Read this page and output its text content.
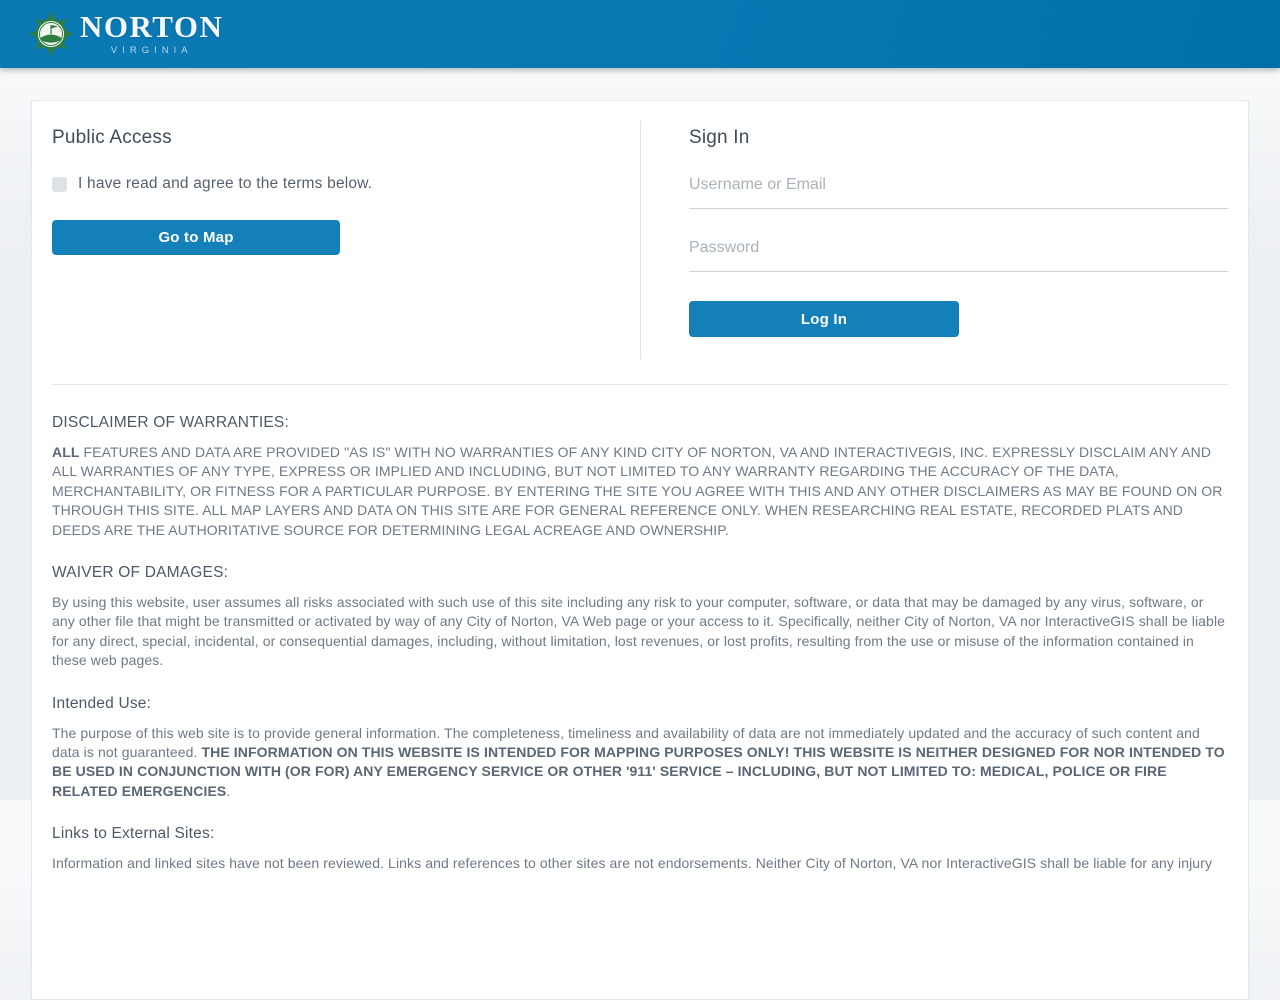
NORTON
VIRGINIA
Public Access
I have read and agree to the terms below.
Go to Map
Sign In
Username or Email
Log In
DISCLAIMER OF WARRANTIES:

ALL FEATURES AND DATA ARE PROVIDED "AS IS" WITH NO WARRANTIES OF ANY KIND CITY OF NORTON, VA AND INTERACTIVEGIS, INC. EXPRESSLY DISCLAIM ANY AND ALL WARRANTIES OF ANY TYPE, EXPRESS OR IMPLIED AND INCLUDING, BUT NOT LIMITED TO ANY WARRANTY REGARDING THE ACCURACY OF THE DATA, MERCHANTABILITY, OR FITNESS FOR A PARTICULAR PURPOSE. BY ENTERING THE SITE YOU AGREE WITH THIS AND ANY OTHER DISCLAIMERS AS MAY BE FOUND ON OR THROUGH THIS SITE. ALL MAP LAYERS AND DATA ON THIS SITE ARE FOR GENERAL REFERENCE ONLY. WHEN RESEARCHING REAL ESTATE, RECORDED PLATS AND DEEDS ARE THE AUTHORITATIVE SOURCE FOR DETERMINING LEGAL ACREAGE AND OWNERSHIP.

WAIVER OF DAMAGES:

By using this website, user assumes all risks associated with such use of this site including any risk to your computer, software, or data that may be damaged by any virus, software, or any other file that might be transmitted or activated by way of any City of Norton, VA Web page or your access to it. Specifically, neither City of Norton, VA nor InteractiveGIS shall be liable for any direct, special, incidental, or consequential damages, including, without limitation, lost revenues, or lost profits, resulting from the use or misuse of the information contained in these web pages.

Intended Use:

The purpose of this web site is to provide general information. The completeness, timeliness and availability of data are not immediately updated and the accuracy of such content and data is not guaranteed. THE INFORMATION ON THIS WEBSITE IS INTENDED FOR MAPPING PURPOSES ONLY! THIS WEBSITE IS NEITHER DESIGNED FOR NOR INTENDED TO BE USED IN CONJUNCTION WITH (OR FOR) ANY EMERGENCY SERVICE OR OTHER '911' SERVICE – INCLUDING, BUT NOT LIMITED TO: MEDICAL, POLICE OR FIRE RELATED EMERGENCIES.

Links to External Sites:

Information and linked sites have not been reviewed. Links and references to other sites are not endorsements. Neither City of Norton, VA nor InteractiveGIS shall be liable for any injury
